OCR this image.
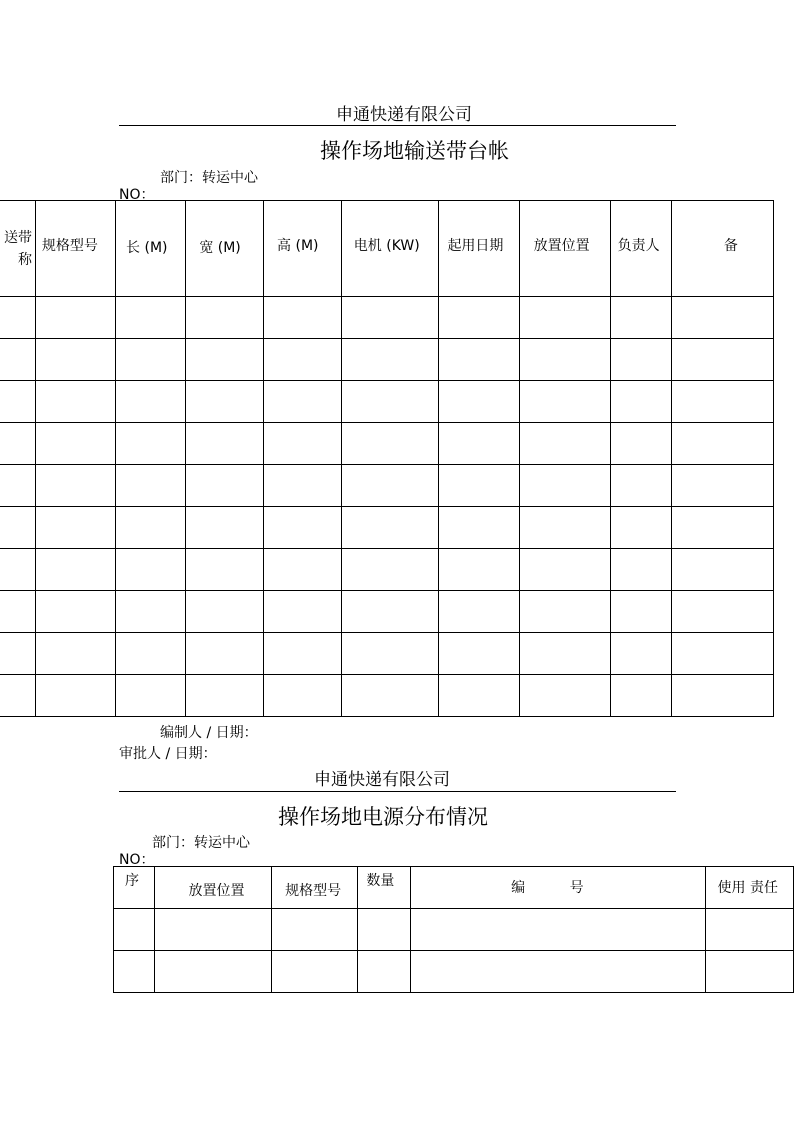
申通快递有限公司
操作场地输送带台帐
部门：转运中心
NO：
送带 称	规格型号	长 (M)	宽 (M)	高 (M)	电机 (KW)	起用日期	放置位置	负责人	备

编制人 / 日期：
审批人 / 日期：
申通快递有限公司
操作场地电源分布情况
部门：转运中心
NO：
序	放置位置	规格型号	数量	编          号	使用 责任
